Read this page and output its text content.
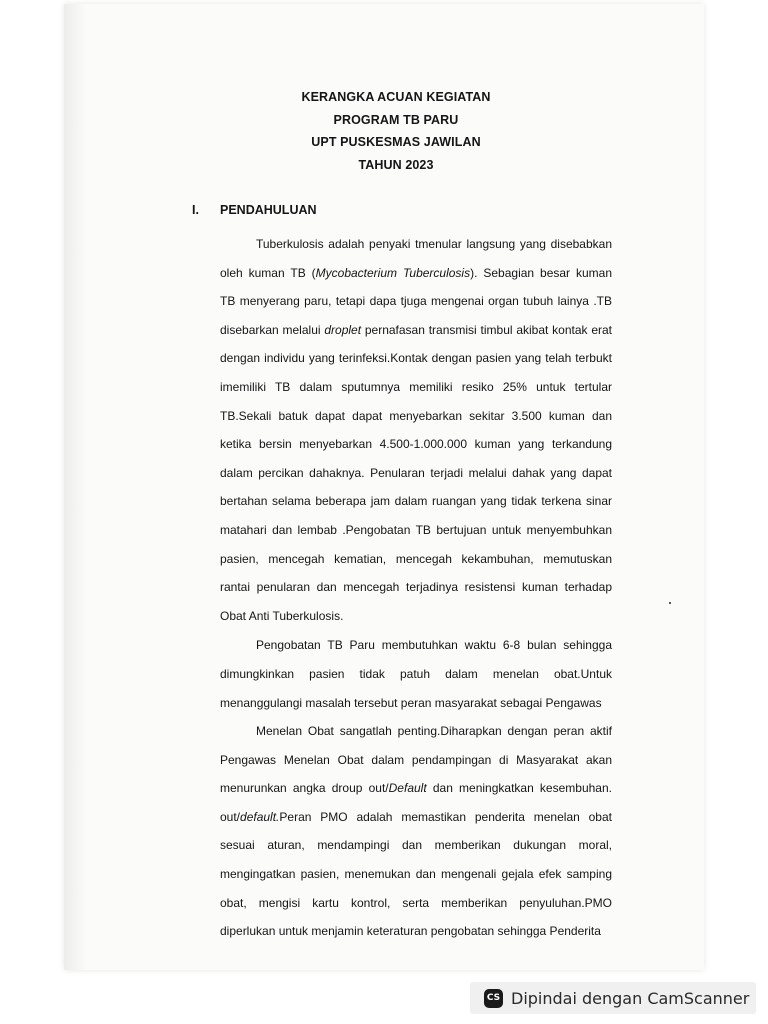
KERANGKA ACUAN KEGIATAN
PROGRAM TB PARU
UPT PUSKESMAS JAWILAN
TAHUN 2023
I.	PENDAHULUAN

Tuberkulosis adalah penyaki tmenular langsung yang disebabkan oleh kuman TB (Mycobacterium Tuberculosis). Sebagian besar kuman TB menyerang paru, tetapi dapa tjuga mengenai organ tubuh lainya .TB disebarkan melalui droplet pernafasan transmisi timbul akibat kontak erat dengan individu yang terinfeksi.Kontak dengan pasien yang telah terbukt imemiliki TB dalam sputumnya memiliki resiko 25% untuk tertular TB.Sekali batuk dapat dapat menyebarkan sekitar 3.500 kuman dan ketika bersin menyebarkan 4.500-1.000.000 kuman yang terkandung dalam percikan dahaknya. Penularan terjadi melalui dahak yang dapat bertahan selama beberapa jam dalam ruangan yang tidak terkena sinar matahari dan lembab .Pengobatan TB bertujuan untuk menyembuhkan pasien, mencegah kematian, mencegah kekambuhan, memutuskan rantai penularan dan mencegah terjadinya resistensi kuman terhadap Obat Anti Tuberkulosis.

Pengobatan TB Paru membutuhkan waktu 6-8 bulan sehingga dimungkinkan pasien tidak patuh dalam menelan obat.Untuk menanggulangi masalah tersebut peran masyarakat sebagai Pengawas

Menelan Obat sangatlah penting.Diharapkan dengan peran aktif Pengawas Menelan Obat dalam pendampingan di Masyarakat akan menurunkan angka droup out/Default dan meningkatkan kesembuhan. out/default.Peran PMO adalah memastikan penderita menelan obat sesuai aturan, mendampingi dan memberikan dukungan moral, mengingatkan pasien, menemukan dan mengenali gejala efek samping obat, mengisi kartu kontrol, serta memberikan penyuluhan.PMO diperlukan untuk menjamin keteraturan pengobatan sehingga Penderita

CS Dipindai dengan CamScanner
